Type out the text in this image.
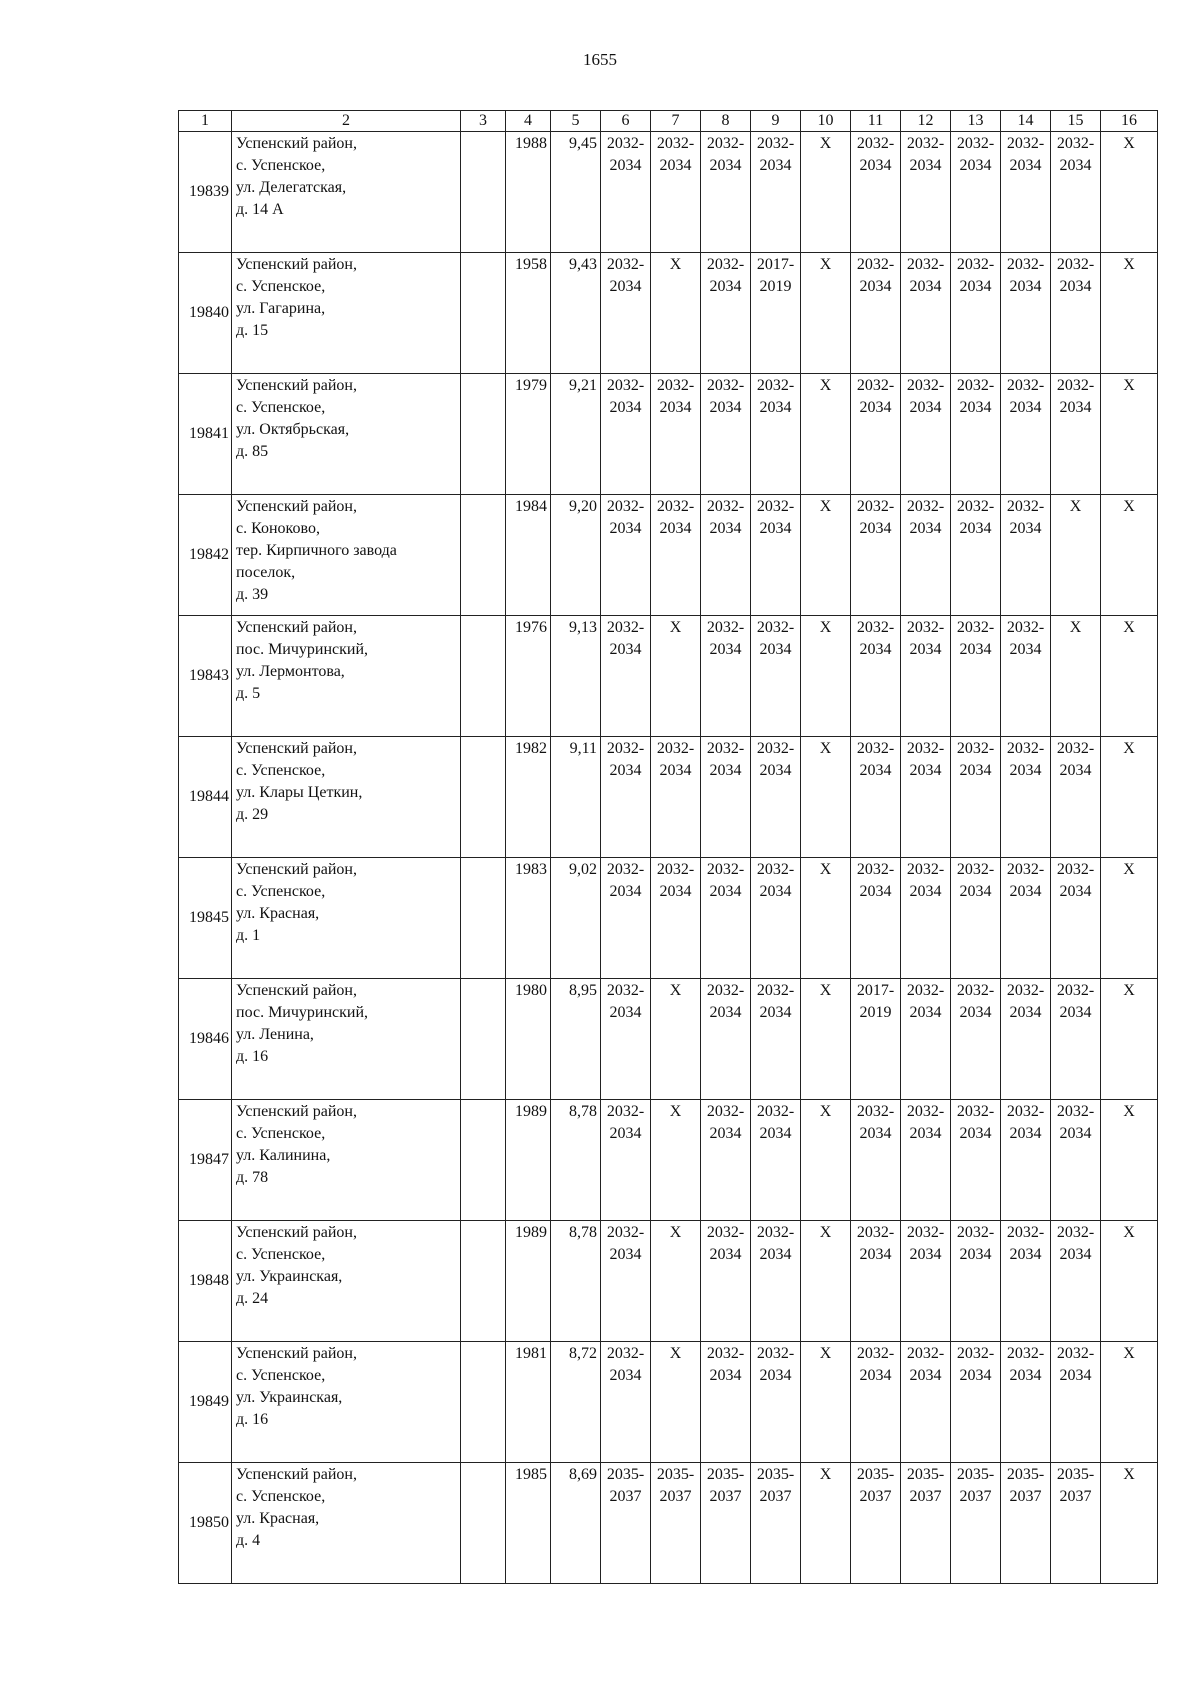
1655
1	2	3	4	5	6	7	8	9	10	11	12	13	14	15	16
19839	Успенский район,
с. Успенское,
ул. Делегатская,
д. 14 А		1988	9,45	2032-
2034	2032-
2034	2032-
2034	2032-
2034	X	2032-
2034	2032-
2034	2032-
2034	2032-
2034	2032-
2034	X

19840	Успенский район,
с. Успенское,
ул. Гагарина,
д. 15		1958	9,43	2032-
2034	X	2032-
2034	2017-
2019	X	2032-
2034	2032-
2034	2032-
2034	2032-
2034	2032-
2034	X

19841	Успенский район,
с. Успенское,
ул. Октябрьская,
д. 85		1979	9,21	2032-
2034	2032-
2034	2032-
2034	2032-
2034	X	2032-
2034	2032-
2034	2032-
2034	2032-
2034	2032-
2034	X

19842	Успенский район,
с. Коноково,
тер. Кирпичного завода
поселок,
д. 39		1984	9,20	2032-
2034	2032-
2034	2032-
2034	2032-
2034	X	2032-
2034	2032-
2034	2032-
2034	2032-
2034	X	X

19843	Успенский район,
пос. Мичуринский,
ул. Лермонтова,
д. 5		1976	9,13	2032-
2034	X	2032-
2034	2032-
2034	X	2032-
2034	2032-
2034	2032-
2034	2032-
2034	X	X

19844	Успенский район,
с. Успенское,
ул. Клары Цеткин,
д. 29		1982	9,11	2032-
2034	2032-
2034	2032-
2034	2032-
2034	X	2032-
2034	2032-
2034	2032-
2034	2032-
2034	2032-
2034	X

19845	Успенский район,
с. Успенское,
ул. Красная,
д. 1		1983	9,02	2032-
2034	2032-
2034	2032-
2034	2032-
2034	X	2032-
2034	2032-
2034	2032-
2034	2032-
2034	2032-
2034	X

19846	Успенский район,
пос. Мичуринский,
ул. Ленина,
д. 16		1980	8,95	2032-
2034	X	2032-
2034	2032-
2034	X	2017-
2019	2032-
2034	2032-
2034	2032-
2034	2032-
2034	X

19847	Успенский район,
с. Успенское,
ул. Калинина,
д. 78		1989	8,78	2032-
2034	X	2032-
2034	2032-
2034	X	2032-
2034	2032-
2034	2032-
2034	2032-
2034	2032-
2034	X

19848	Успенский район,
с. Успенское,
ул. Украинская,
д. 24		1989	8,78	2032-
2034	X	2032-
2034	2032-
2034	X	2032-
2034	2032-
2034	2032-
2034	2032-
2034	2032-
2034	X

19849	Успенский район,
с. Успенское,
ул. Украинская,
д. 16		1981	8,72	2032-
2034	X	2032-
2034	2032-
2034	X	2032-
2034	2032-
2034	2032-
2034	2032-
2034	2032-
2034	X

19850	Успенский район,
с. Успенское,
ул. Красная,
д. 4		1985	8,69	2035-
2037	2035-
2037	2035-
2037	2035-
2037	X	2035-
2037	2035-
2037	2035-
2037	2035-
2037	2035-
2037	X
